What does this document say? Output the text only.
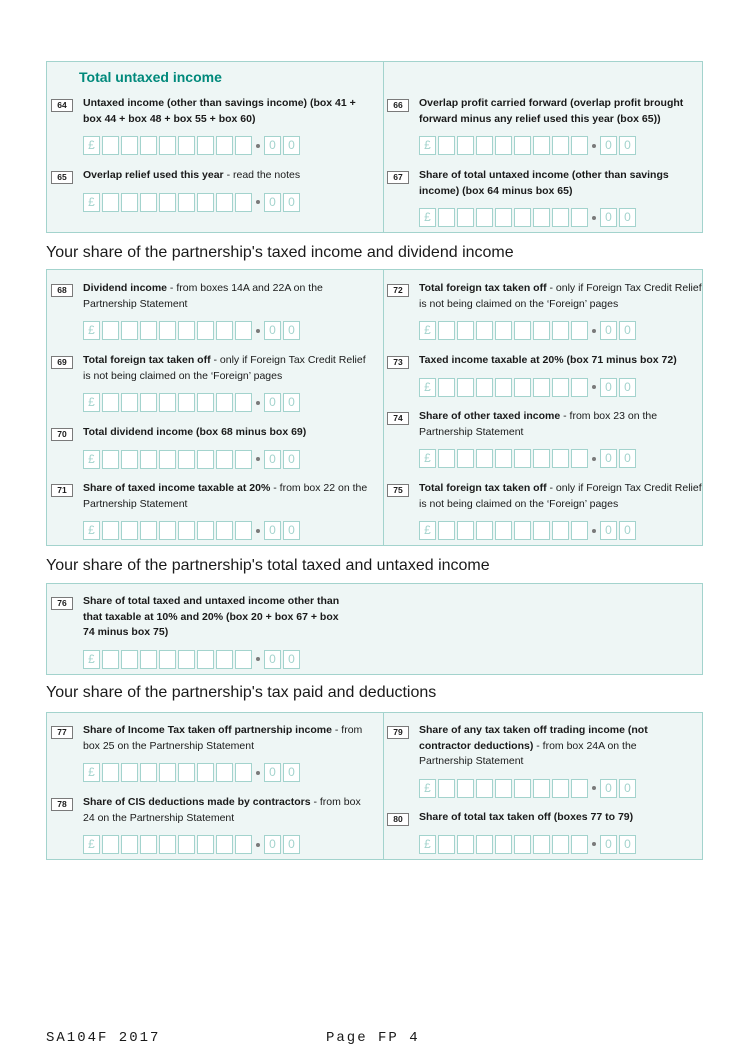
Total untaxed income
64	Untaxed income (other than savings income) (box 41 + box 44 + box 48 + box 55 + box 60)
£	0	0
65	Overlap relief used this year - read the notes
£	0	0
66	Overlap profit carried forward (overlap profit brought forward minus any relief used this year (box 65))
£	0	0
67	Share of total untaxed income (other than savings income) (box 64 minus box 65)
£	0	0
Your share of the partnership's taxed income and dividend income
68	Dividend income - from boxes 14A and 22A on the Partnership Statement
£	0	0
69	Total foreign tax taken off - only if Foreign Tax Credit Relief is not being claimed on the ‘Foreign’ pages
£	0	0
70	Total dividend income (box 68 minus box 69)
£	0	0
71	Share of taxed income taxable at 20% - from box 22 on the Partnership Statement
£	0	0
72	Total foreign tax taken off - only if Foreign Tax Credit Relief is not being claimed on the ‘Foreign’ pages
£	0	0
73	Taxed income taxable at 20% (box 71 minus box 72)
£	0	0
74	Share of other taxed income - from box 23 on the Partnership Statement
£	0	0
75	Total foreign tax taken off - only if Foreign Tax Credit Relief is not being claimed on the ‘Foreign’ pages
£	0	0
Your share of the partnership's total taxed and untaxed income
76	Share of total taxed and untaxed income other than that taxable at 10% and 20% (box 20 + box 67 + box 74 minus box 75)
£	0	0
Your share of the partnership's tax paid and deductions
77	Share of Income Tax taken off partnership income - from box 25 on the Partnership Statement
£	0	0
78	Share of CIS deductions made by contractors - from box 24 on the Partnership Statement
£	0	0
79	Share of any tax taken off trading income (not contractor deductions) - from box 24A on the Partnership Statement
£	0	0
80	Share of total tax taken off (boxes 77 to 79)
£	0	0
SA104F 2017	Page FP 4
